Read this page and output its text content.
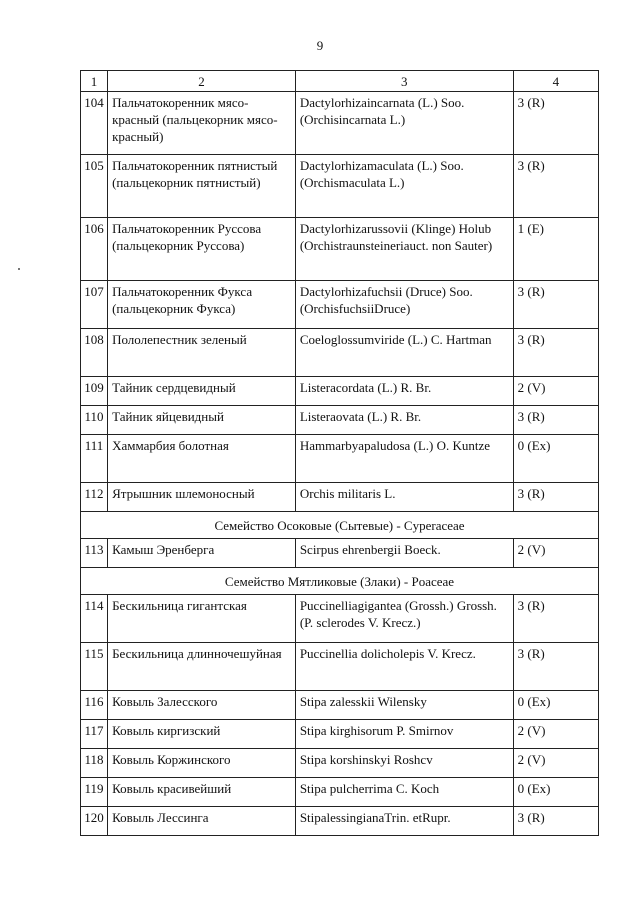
9
1	2	3	4
104	Пальчатокоренник мясо-красный (пальцекорник мясо-красный)	Dactylorhizaincarnata (L.) Soo. (Orchisincarnata L.)	3 (R)
105	Пальчатокоренник пятнистый (пальцекорник пятнистый)	Dactylorhizamaculata (L.) Soo. (Orchismaculata L.)	3 (R)
106	Пальчатокоренник Руссова (пальцекорник Руссова)	Dactylorhizarussovii (Klinge) Holub (Orchistraunsteineriauct. non Sauter)	1 (E)
107	Пальчатокоренник Фукса (пальцекорник Фукса)	Dactylorhizafuchsii (Druce) Soo. (OrchisfuchsiiDruce)	3 (R)
108	Пололепестник зеленый	Coeloglossumviride (L.) C. Hartman	3 (R)
109	Тайник сердцевидный	Listeracordata (L.) R. Br.	2 (V)
110	Тайник яйцевидный	Listeraovata (L.) R. Br.	3 (R)
111	Хаммарбия болотная	Hammarbyapaludosa (L.) O. Kuntze	0 (Ex)
112	Ятрышник шлемоносный	Orchis militaris L.	3 (R)
Семейство Осоковые (Сытевые) - Cyperaceae			
113	Камыш Эренберга	Scirpus ehrenbergii Boeck.	2 (V)
Семейство Мятликовые (Злаки) - Poaceae			
114	Бескильница гигантская	Puccinelliagigantea (Grossh.) Grossh. (P. sclerodes V. Krecz.)	3 (R)
115	Бескильница длинночешуйная	Puccinellia dolicholepis V. Krecz.	3 (R)
116	Ковыль Залесского	Stipa zalesskii Wilensky	0 (Ex)
117	Ковыль киргизский	Stipa kirghisorum P. Smirnov	2 (V)
118	Ковыль Коржинского	Stipa korshinskyi Roshcv	2 (V)
119	Ковыль красивейший	Stipa pulcherrima C. Koch	0 (Ex)
120	Ковыль Лессинга	StipalessingianaTrin. etRupr.	3 (R)
